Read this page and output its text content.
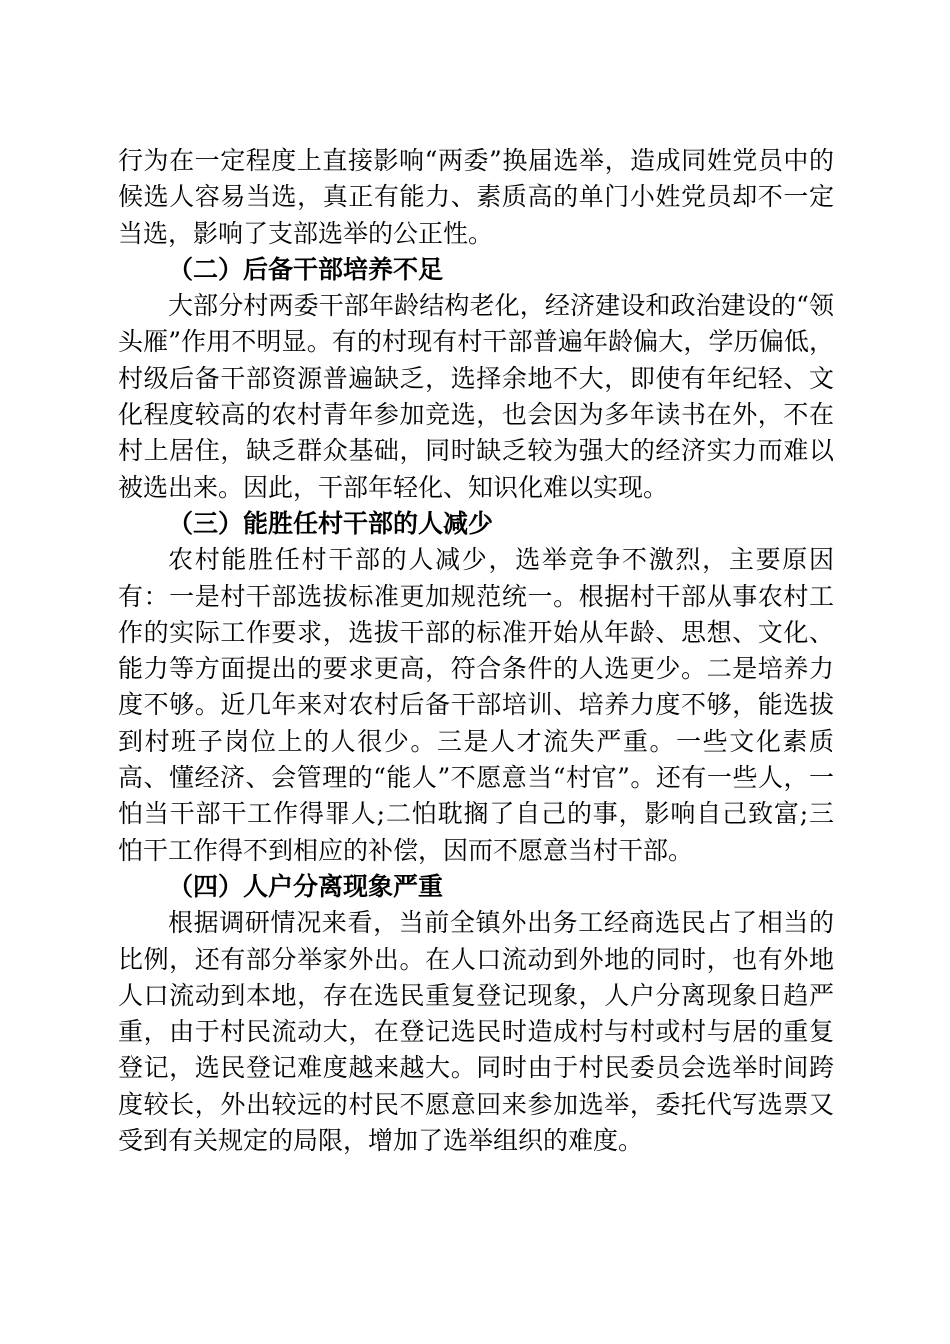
行为在一定程度上直接影响“两委”换届选举，造成同姓党员中的候选人容易当选，真正有能力、素质高的单门小姓党员却不一定当选，影响了支部选举的公正性。

（二）后备干部培养不足

大部分村两委干部年龄结构老化，经济建设和政治建设的“领头雁”作用不明显。有的村现有村干部普遍年龄偏大，学历偏低，村级后备干部资源普遍缺乏，选择余地不大，即使有年纪轻、文化程度较高的农村青年参加竞选，也会因为多年读书在外，不在村上居住，缺乏群众基础，同时缺乏较为强大的经济实力而难以被选出来。因此，干部年轻化、知识化难以实现。

（三）能胜任村干部的人减少

农村能胜任村干部的人减少，选举竞争不激烈，主要原因有：一是村干部选拔标准更加规范统一。根据村干部从事农村工作的实际工作要求，选拔干部的标准开始从年龄、思想、文化、能力等方面提出的要求更高，符合条件的人选更少。二是培养力度不够。近几年来对农村后备干部培训、培养力度不够，能选拔到村班子岗位上的人很少。三是人才流失严重。一些文化素质高、懂经济、会管理的“能人”不愿意当“村官”。还有一些人，一怕当干部干工作得罪人;二怕耽搁了自己的事，影响自己致富;三怕干工作得不到相应的补偿，因而不愿意当村干部。

（四）人户分离现象严重

根据调研情况来看，当前全镇外出务工经商选民占了相当的比例，还有部分举家外出。在人口流动到外地的同时，也有外地人口流动到本地，存在选民重复登记现象，人户分离现象日趋严重，由于村民流动大，在登记选民时造成村与村或村与居的重复登记，选民登记难度越来越大。同时由于村民委员会选举时间跨度较长，外出较远的村民不愿意回来参加选举，委托代写选票又受到有关规定的局限，增加了选举组织的难度。
